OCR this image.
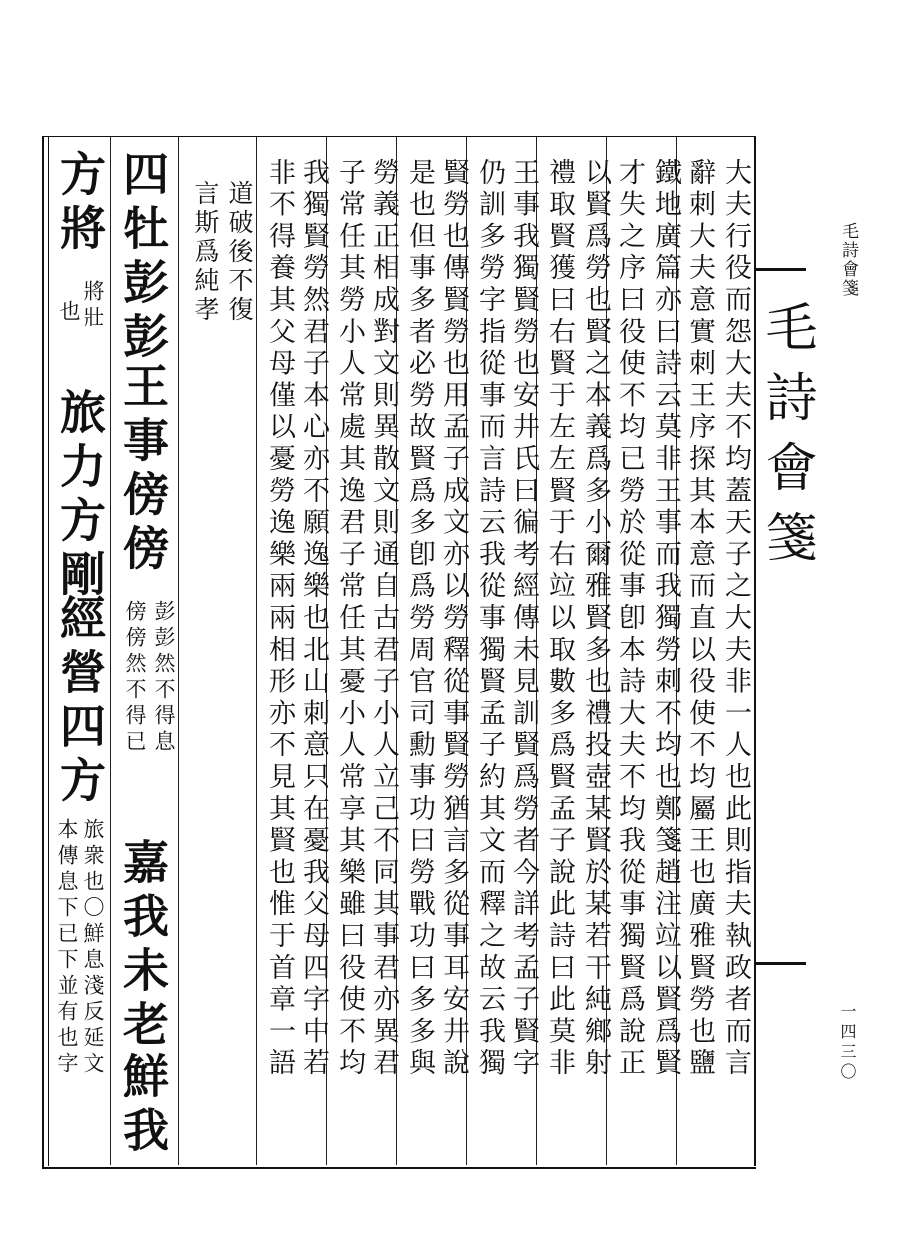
毛詩會箋
一四三〇
毛詩會箋
大夫行役而怨大夫不均蓋天子之大夫非一人也此則指夫執政者而言
辭刺大夫意實刺王序探其本意而直以役使不均屬王也廣雅賢勞也鹽
鐵地廣篇亦曰詩云莫非王事而我獨勞刺不均也鄭箋趙注竝以賢爲賢
才失之序曰役使不均已勞於從事卽本詩大夫不均我從事獨賢爲說正
以賢爲勞也賢之本義爲多小爾雅賢多也禮投壺某賢於某若干純鄉射
禮取賢獲曰右賢于左左賢于右竝以取數多爲賢孟子說此詩曰此莫非
王事我獨賢勞也安井氏曰徧考經傳未見訓賢爲勞者今詳考孟子賢字
仍訓多勞字指從事而言詩云我從事獨賢孟子約其文而釋之故云我獨
賢勞也傳賢勞也用孟子成文亦以勞釋從事賢勞猶言多從事耳安井說
是也但事多者必勞故賢爲多卽爲勞周官司勳事功曰勞戰功曰多多與
勞義正相成對文則異散文則通自古君子小人立己不同其事君亦異君
子常任其勞小人常處其逸君子常任其憂小人常享其樂雖曰役使不均
我獨賢勞然君子本心亦不願逸樂也北山刺意只在憂我父母四字中若
非不得養其父母僅以憂勞逸樂兩兩相形亦不見其賢也惟于首章一語
道破後不復
言斯爲純孝
四牡彭彭
王事傍傍
彭彭然不得息
傍傍然不得已
嘉我未老
鮮我
方將
將壯
也
旅力方剛
經營四方
旅衆也〇鮮息淺反延文
本傳息下已下並有也字
